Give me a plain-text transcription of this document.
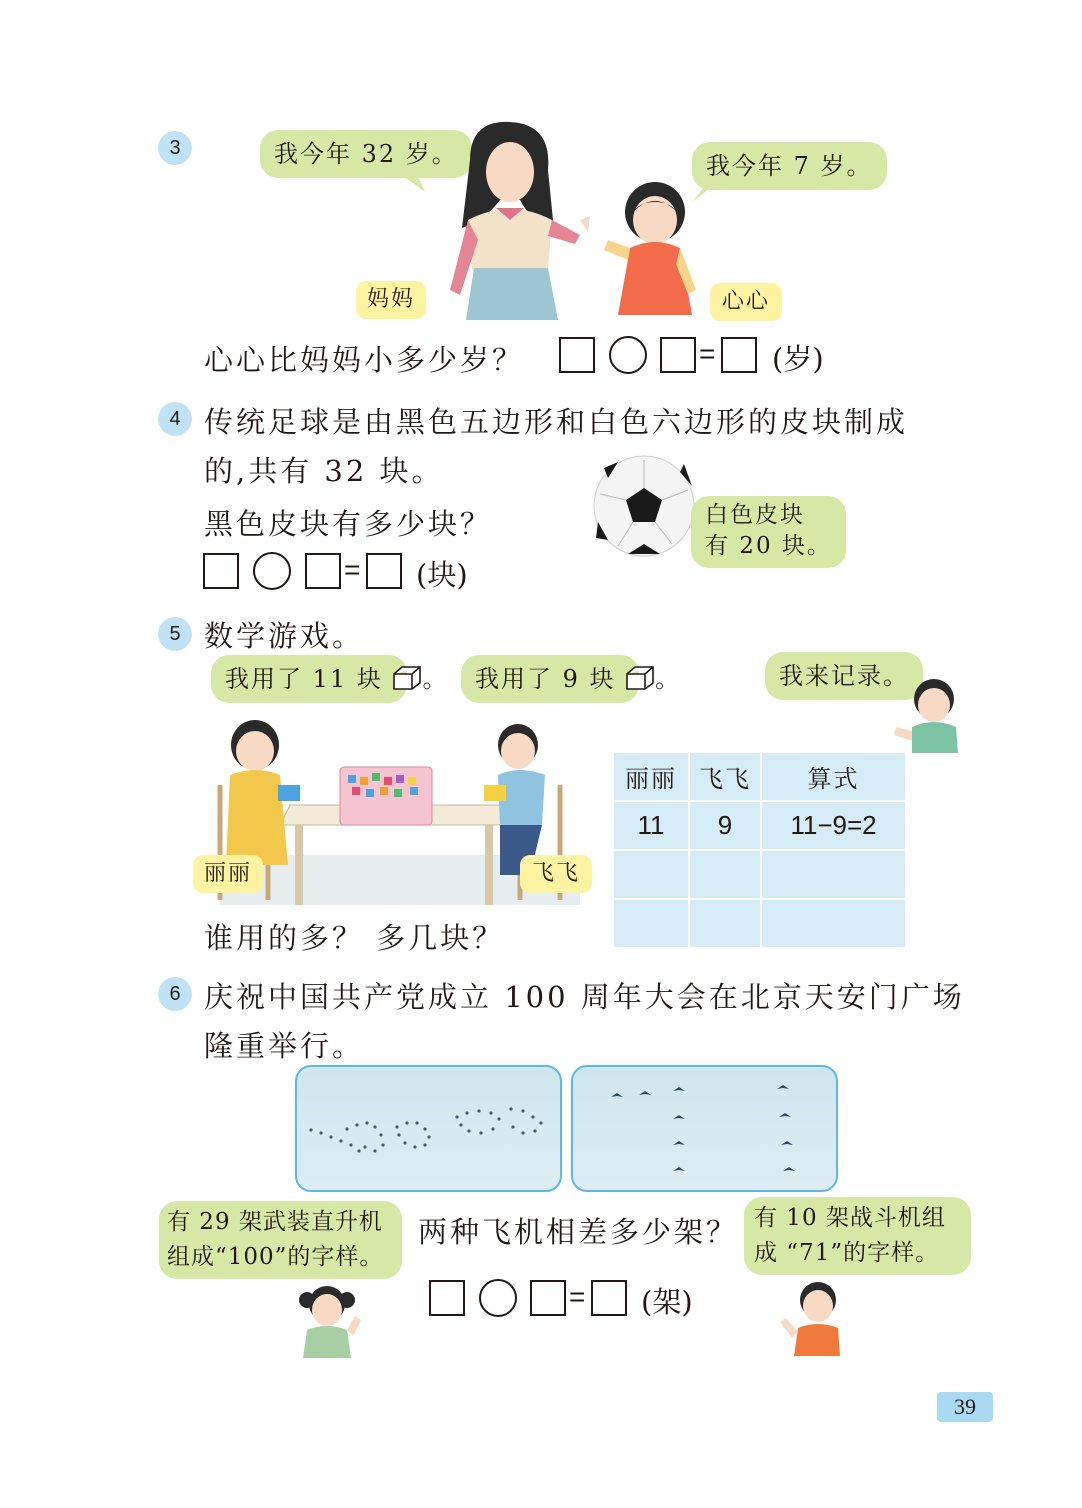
3	我今年 32 岁。	我今年 7 岁。
妈妈	心心
心心比妈妈小多少岁？	= (岁)
4 传统足球是由黑色五边形和白色六边形的皮块制成
的,共有 32 块。
黑色皮块有多少块？	白色皮块
有 20 块。
= (块)
5 数学游戏。
我用了 11 块 。	我用了 9 块 。	我来记录。
丽丽	飞飞
丽丽	飞飞	算式
11	9	11−9=2

谁用的多？ 多几块？
6 庆祝中国共产党成立 100 周年大会在北京天安门广场
隆重举行。
有 29 架武装直升机
组成“100”的字样。
有 10 架战斗机组
成 “71”的字样。
两种飞机相差多少架？
= (架)
39
